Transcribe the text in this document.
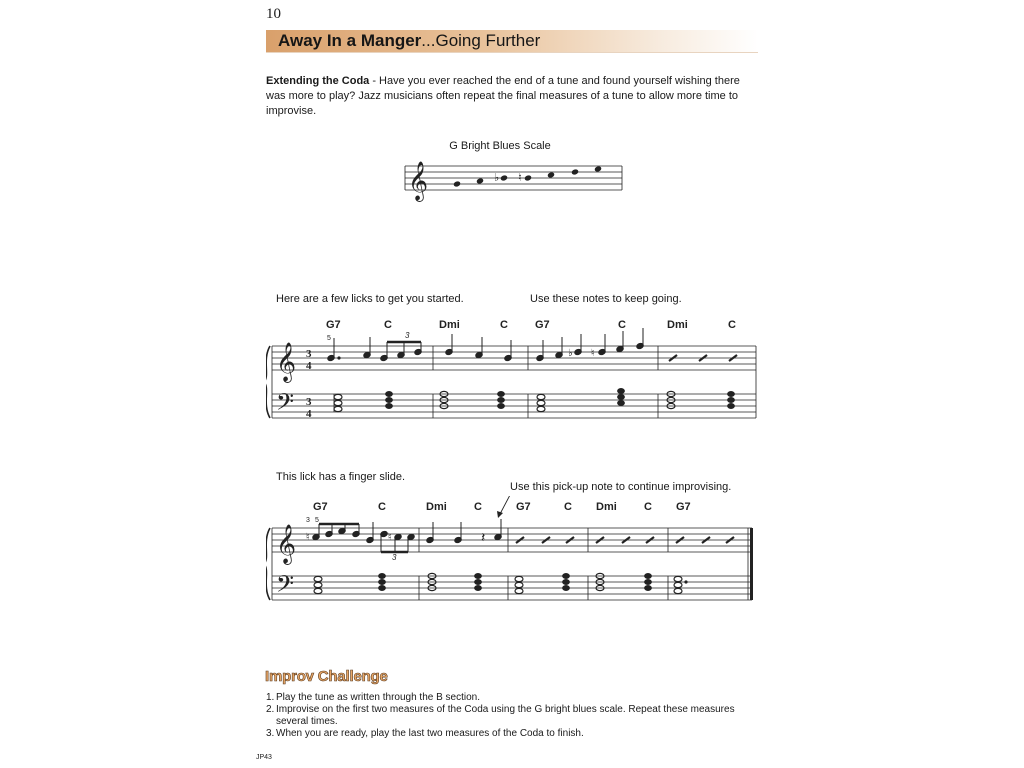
10
Away In a Manger...Going Further
Extending the Coda - Have you ever reached the end of a tune and found yourself wishing there was more to play? Jazz musicians often repeat the final measures of a tune to allow more time to improvise.
G Bright Blues Scale
𝄞	♭ ♮
Here are a few licks to get you started.	Use these notes to keep going.
G7	C	Dmi	C G7	C	Dmi	C
5	3
𝄞
𝄢
3
4
3
4
♭ ♮
This lick has a finger slide.
Use this pick-up note to continue improvising.
G7	C	Dmi C	G7	C Dmi C G7
3 5
3
𝄞
𝄢
♮	♮	𝄽
Improv Challenge
1. Play the tune as written through the B section.
2. Improvise on the first two measures of the Coda using the G bright blues scale. Repeat these measures several times.
3. When you are ready, play the last two measures of the Coda to finish.
JP43
